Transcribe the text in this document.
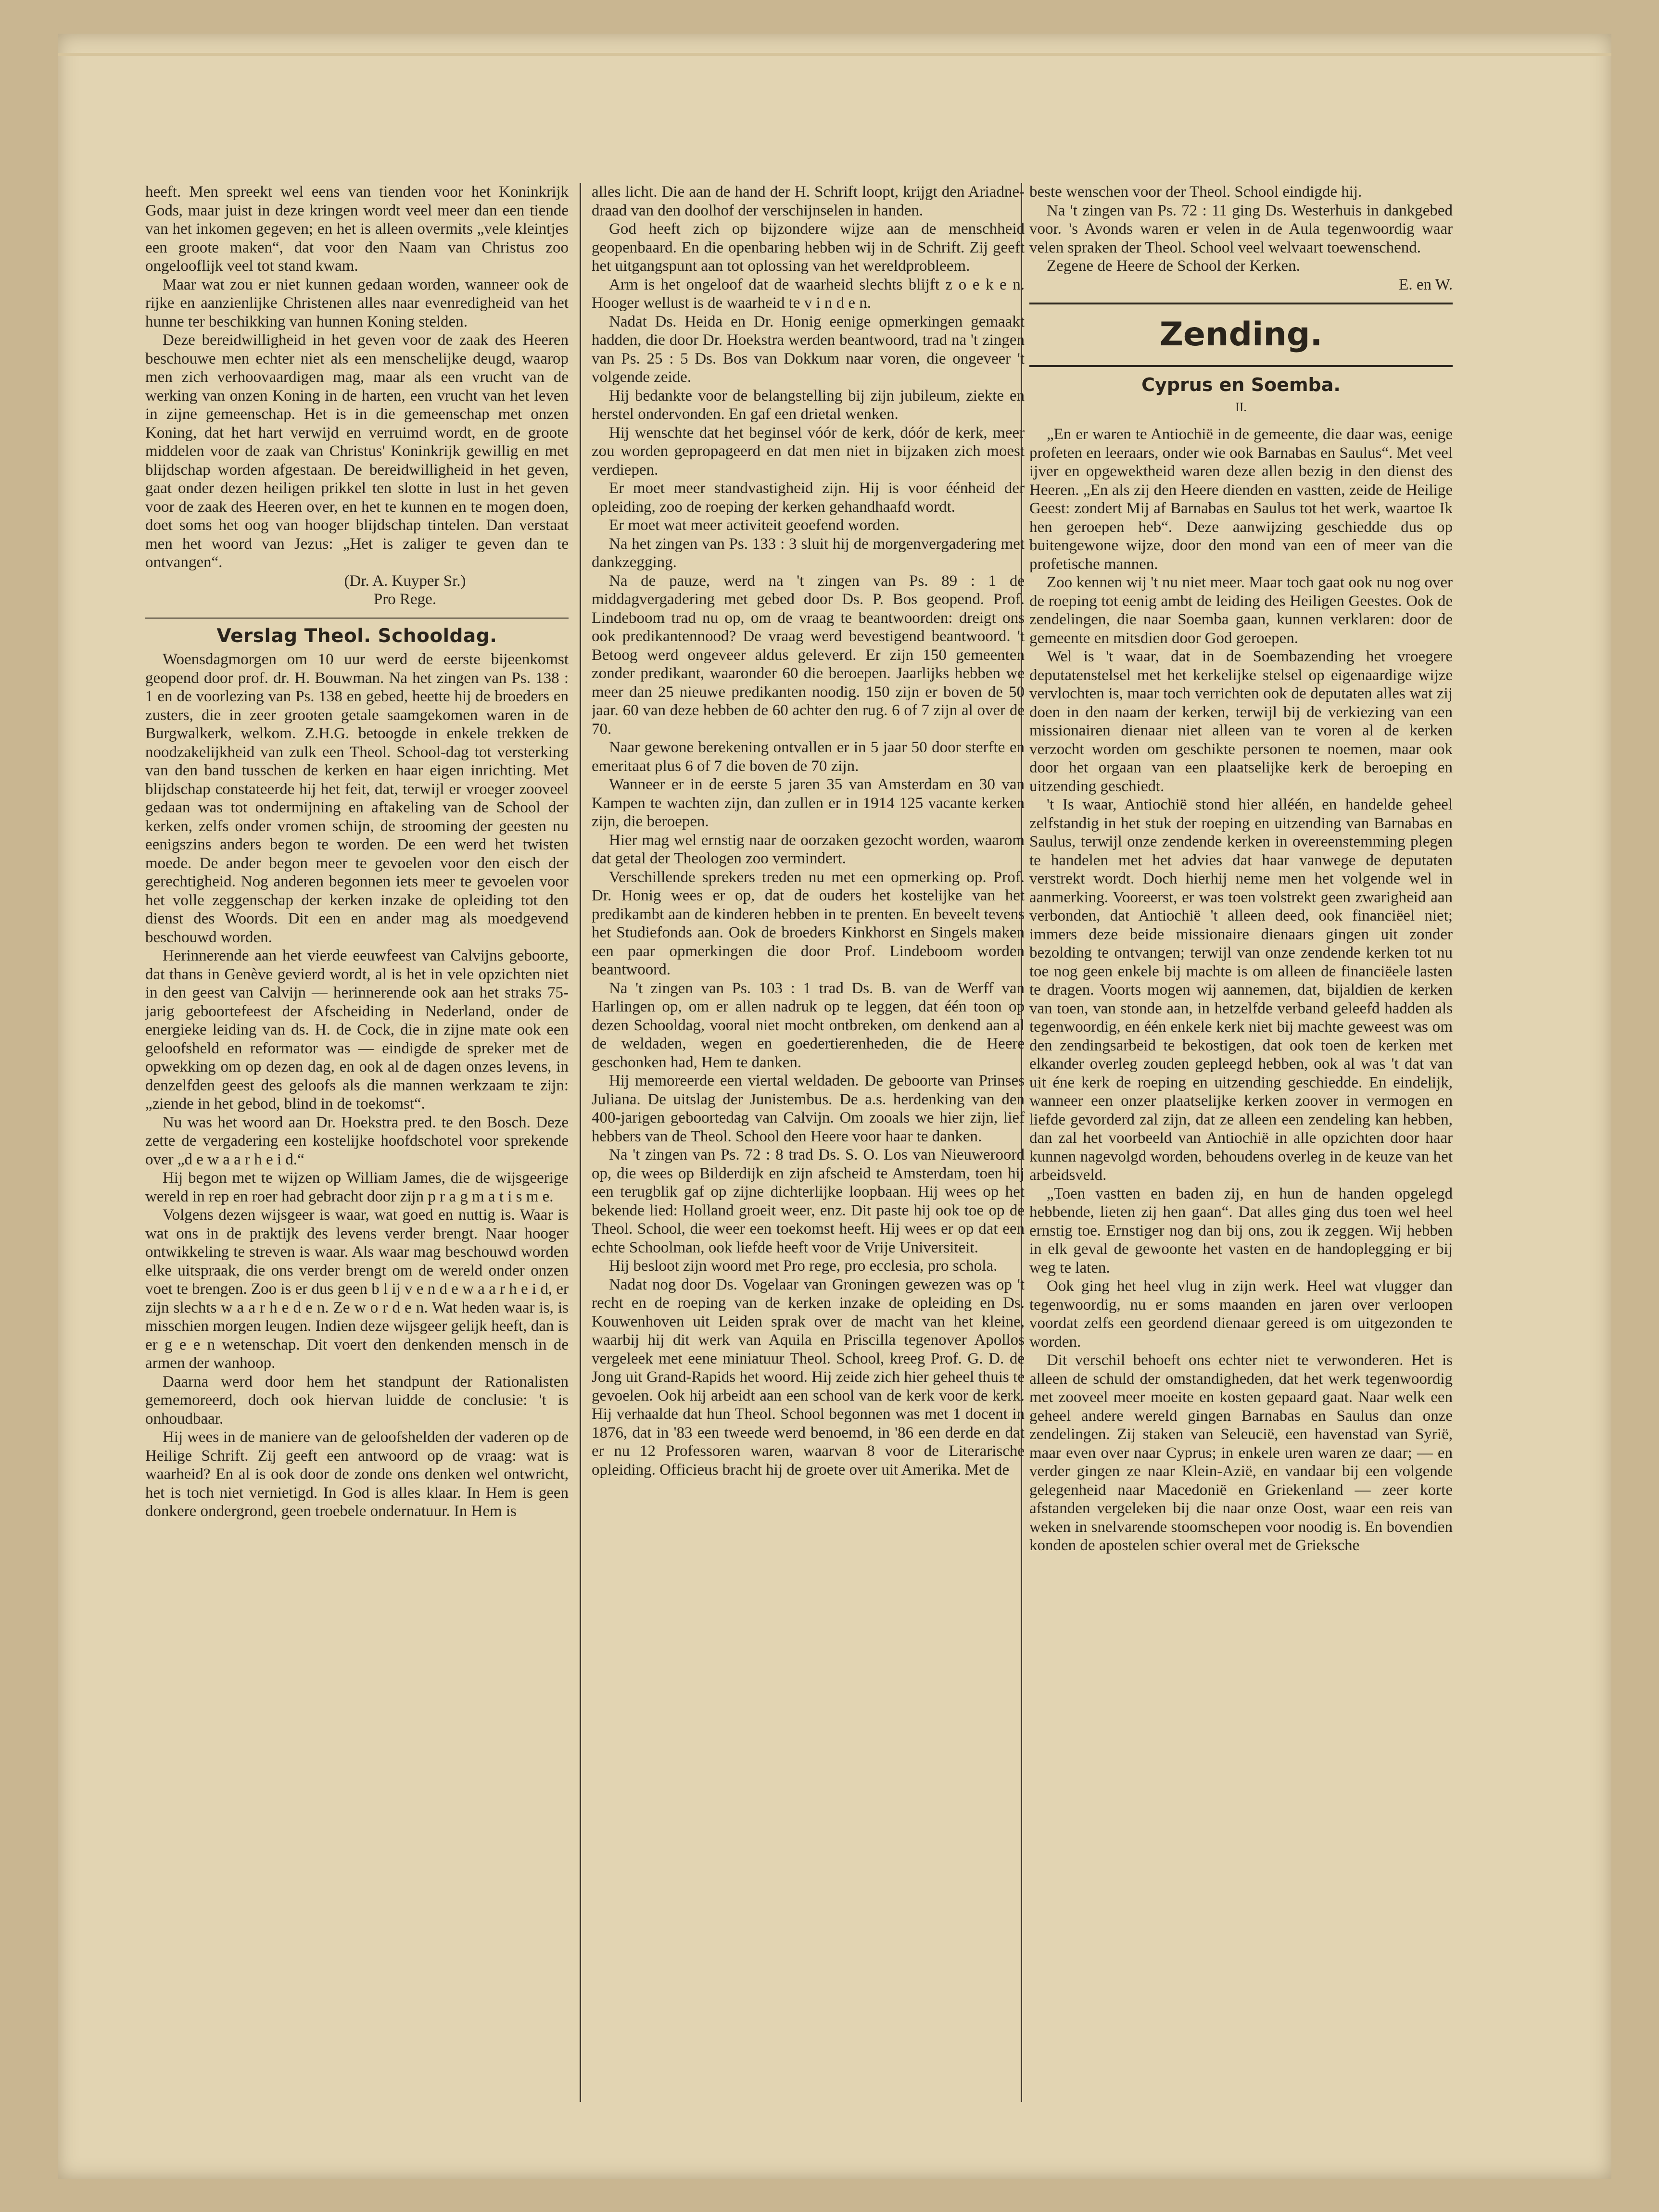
heeft. Men spreekt wel eens van tienden voor het Koninkrijk Gods, maar juist in deze kringen wordt veel meer dan een tiende van het inkomen gegeven; en het is alleen overmits „vele kleintjes een groote maken“, dat voor den Naam van Christus zoo ongelooflijk veel tot stand kwam.

Maar wat zou er niet kunnen gedaan worden, wanneer ook de rijke en aanzienlijke Christenen alles naar evenredigheid van het hunne ter beschikking van hunnen Koning stelden.

Deze bereidwilligheid in het geven voor de zaak des Heeren beschouwe men echter niet als een menschelijke deugd, waarop men zich verhoovaardigen mag, maar als een vrucht van de werking van onzen Koning in de harten, een vrucht van het leven in zijne gemeenschap. Het is in die gemeenschap met onzen Koning, dat het hart verwijd en verruimd wordt, en de groote middelen voor de zaak van Christus' Koninkrijk gewillig en met blijdschap worden afgestaan. De bereidwilligheid in het geven, gaat onder dezen heiligen prikkel ten slotte in lust in het geven voor de zaak des Heeren over, en het te kunnen en te mogen doen, doet soms het oog van hooger blijdschap tintelen. Dan verstaat men het woord van Jezus: „Het is zaliger te geven dan te ontvangen“.

(Dr. A. Kuyper Sr.)
Pro Rege.
Verslag Theol. Schooldag.

Woensdagmorgen om 10 uur werd de eerste bijeenkomst geopend door prof. dr. H. Bouwman. Na het zingen van Ps. 138 : 1 en de voorlezing van Ps. 138 en gebed, heette hij de broeders en zusters, die in zeer grooten getale saamgekomen waren in de Burgwalkerk, welkom. Z.H.G. betoogde in enkele trekken de noodzakelijkheid van zulk een Theol. School-dag tot versterking van den band tusschen de kerken en haar eigen inrichting. Met blijdschap constateerde hij het feit, dat, terwijl er vroeger zooveel gedaan was tot ondermijning en aftakeling van de School der kerken, zelfs onder vromen schijn, de strooming der geesten nu eenigszins anders begon te worden. De een werd het twisten moede. De ander begon meer te gevoelen voor den eisch der gerechtigheid. Nog anderen begonnen iets meer te gevoelen voor het volle zeggenschap der kerken inzake de opleiding tot den dienst des Woords. Dit een en ander mag als moedgevend beschouwd worden.

Herinnerende aan het vierde eeuwfeest van Calvijns geboorte, dat thans in Genève gevierd wordt, al is het in vele opzichten niet in den geest van Calvijn — herinnerende ook aan het straks 75-jarig geboortefeest der Afscheiding in Nederland, onder de energieke leiding van ds. H. de Cock, die in zijne mate ook een geloofsheld en reformator was — eindigde de spreker met de opwekking om op dezen dag, en ook al de dagen onzes levens, in denzelfden geest des geloofs als die mannen werkzaam te zijn: „ziende in het gebod, blind in de toekomst“.

Nu was het woord aan Dr. Hoekstra pred. te den Bosch. Deze zette de vergadering een kostelijke hoofdschotel voor sprekende over „d e w a a r h e i d.“

Hij begon met te wijzen op William James, die de wijsgeerige wereld in rep en roer had gebracht door zijn p r a g m a t i s m e.

Volgens dezen wijsgeer is waar, wat goed en nuttig is. Waar is wat ons in de praktijk des levens verder brengt. Naar hooger ontwikkeling te streven is waar. Als waar mag beschouwd worden elke uitspraak, die ons verder brengt om de wereld onder onzen voet te brengen. Zoo is er dus geen b l ij v e n d e w a a r h e i d, er zijn slechts w a a r h e d e n. Ze w o r d e n. Wat heden waar is, is misschien morgen leugen. Indien deze wijsgeer gelijk heeft, dan is er g e e n wetenschap. Dit voert den denkenden mensch in de armen der wanhoop.

Daarna werd door hem het standpunt der Rationalisten gememoreerd, doch ook hiervan luidde de conclusie: 't is onhoudbaar.

Hij wees in de maniere van de geloofshelden der vaderen op de Heilige Schrift. Zij geeft een antwoord op de vraag: wat is waarheid? En al is ook door de zonde ons denken wel ontwricht, het is toch niet vernietigd. In God is alles klaar. In Hem is geen donkere ondergrond, geen troebele ondernatuur. In Hem is

alles licht. Die aan de hand der H. Schrift loopt, krijgt den Ariadne-draad van den doolhof der verschijnselen in handen.

God heeft zich op bijzondere wijze aan de menschheid geopenbaard. En die openbaring hebben wij in de Schrift. Zij geeft het uitgangspunt aan tot oplossing van het wereldprobleem.

Arm is het ongeloof dat de waarheid slechts blijft z o e k e n. Hooger wellust is de waarheid te v i n d e n.

Nadat Ds. Heida en Dr. Honig eenige opmerkingen gemaakt hadden, die door Dr. Hoekstra werden beantwoord, trad na 't zingen van Ps. 25 : 5 Ds. Bos van Dokkum naar voren, die ongeveer 't volgende zeide.

Hij bedankte voor de belangstelling bij zijn jubileum, ziekte en herstel ondervonden. En gaf een drietal wenken.

Hij wenschte dat het beginsel vóór de kerk, dóór de kerk, meer zou worden gepropageerd en dat men niet in bijzaken zich moest verdiepen.

Er moet meer standvastigheid zijn. Hij is voor éénheid der opleiding, zoo de roeping der kerken gehandhaafd wordt.

Er moet wat meer activiteit geoefend worden.

Na het zingen van Ps. 133 : 3 sluit hij de morgenvergadering met dankzegging.

Na de pauze, werd na 't zingen van Ps. 89 : 1 de middagvergadering met gebed door Ds. P. Bos geopend. Prof. Lindeboom trad nu op, om de vraag te beantwoorden: dreigt ons ook predikantennood? De vraag werd bevestigend beantwoord. 't Betoog werd ongeveer aldus geleverd. Er zijn 150 gemeenten zonder predikant, waaronder 60 die beroepen. Jaarlijks hebben we meer dan 25 nieuwe predikanten noodig. 150 zijn er boven de 50 jaar. 60 van deze hebben de 60 achter den rug. 6 of 7 zijn al over de 70.

Naar gewone berekening ontvallen er in 5 jaar 50 door sterfte en emeritaat plus 6 of 7 die boven de 70 zijn.

Wanneer er in de eerste 5 jaren 35 van Amsterdam en 30 van Kampen te wachten zijn, dan zullen er in 1914 125 vacante kerken zijn, die beroepen.

Hier mag wel ernstig naar de oorzaken gezocht worden, waarom dat getal der Theologen zoo vermindert.

Verschillende sprekers treden nu met een opmerking op. Prof. Dr. Honig wees er op, dat de ouders het kostelijke van het predikambt aan de kinderen hebben in te prenten. En beveelt tevens het Studiefonds aan. Ook de broeders Kinkhorst en Singels maken een paar opmerkingen die door Prof. Lindeboom worden beantwoord.

Na 't zingen van Ps. 103 : 1 trad Ds. B. van de Werff van Harlingen op, om er allen nadruk op te leggen, dat één toon op dezen Schooldag, vooral niet mocht ontbreken, om denkend aan al de weldaden, wegen en goedertierenheden, die de Heere geschonken had, Hem te danken.

Hij memoreerde een viertal weldaden. De geboorte van Prinses Juliana. De uitslag der Junistembus. De a.s. herdenking van den 400-jarigen geboortedag van Calvijn. Om zooals we hier zijn, lief hebbers van de Theol. School den Heere voor haar te danken.

Na 't zingen van Ps. 72 : 8 trad Ds. S. O. Los van Nieuweroord op, die wees op Bilderdijk en zijn afscheid te Amsterdam, toen hij een terugblik gaf op zijne dichterlijke loopbaan. Hij wees op het bekende lied: Holland groeit weer, enz. Dit paste hij ook toe op de Theol. School, die weer een toekomst heeft. Hij wees er op dat een echte Schoolman, ook liefde heeft voor de Vrije Universiteit.

Hij besloot zijn woord met Pro rege, pro ecclesia, pro schola.

Nadat nog door Ds. Vogelaar van Groningen gewezen was op 't recht en de roeping van de kerken inzake de opleiding en Ds. Kouwenhoven uit Leiden sprak over de macht van het kleine, waarbij hij dit werk van Aquila en Priscilla tegenover Apollos vergeleek met eene miniatuur Theol. School, kreeg Prof. G. D. de Jong uit Grand-Rapids het woord. Hij zeide zich hier geheel thuis te gevoelen. Ook hij arbeidt aan een school van de kerk voor de kerk. Hij verhaalde dat hun Theol. School begonnen was met 1 docent in 1876, dat in '83 een tweede werd benoemd, in '86 een derde en dat er nu 12 Professoren waren, waarvan 8 voor de Literarische opleiding. Officieus bracht hij de groete over uit Amerika. Met de

beste wenschen voor der Theol. School eindigde hij.

Na 't zingen van Ps. 72 : 11 ging Ds. Westerhuis in dankgebed voor. 's Avonds waren er velen in de Aula tegenwoordig waar velen spraken der Theol. School veel welvaart toewenschend.

Zegene de Heere de School der Kerken.

E. en W.
Zending.
Cyprus en Soemba.
II.

„En er waren te Antiochië in de gemeente, die daar was, eenige profeten en leeraars, onder wie ook Barnabas en Saulus“. Met veel ijver en opgewektheid waren deze allen bezig in den dienst des Heeren. „En als zij den Heere dienden en vastten, zeide de Heilige Geest: zondert Mij af Barnabas en Saulus tot het werk, waartoe Ik hen geroepen heb“. Deze aanwijzing geschiedde dus op buitengewone wijze, door den mond van een of meer van die profetische mannen.

Zoo kennen wij 't nu niet meer. Maar toch gaat ook nu nog over de roeping tot eenig ambt de leiding des Heiligen Geestes. Ook de zendelingen, die naar Soemba gaan, kunnen verklaren: door de gemeente en mitsdien door God geroepen.

Wel is 't waar, dat in de Soembazending het vroegere deputatenstelsel met het kerkelijke stelsel op eigenaardige wijze vervlochten is, maar toch verrichten ook de deputaten alles wat zij doen in den naam der kerken, terwijl bij de verkiezing van een missionairen dienaar niet alleen van te voren al de kerken verzocht worden om geschikte personen te noemen, maar ook door het orgaan van een plaatselijke kerk de beroeping en uitzending geschiedt.

't Is waar, Antiochië stond hier alléén, en handelde geheel zelfstandig in het stuk der roeping en uitzending van Barnabas en Saulus, terwijl onze zendende kerken in overeenstemming plegen te handelen met het advies dat haar vanwege de deputaten verstrekt wordt. Doch hierhij neme men het volgende wel in aanmerking. Vooreerst, er was toen volstrekt geen zwarigheid aan verbonden, dat Antiochië 't alleen deed, ook financiëel niet; immers deze beide missionaire dienaars gingen uit zonder bezolding te ontvangen; terwijl van onze zendende kerken tot nu toe nog geen enkele bij machte is om alleen de financiëele lasten te dragen. Voorts mogen wij aannemen, dat, bijaldien de kerken van toen, van stonde aan, in hetzelfde verband geleefd hadden als tegenwoordig, en één enkele kerk niet bij machte geweest was om den zendingsarbeid te bekostigen, dat ook toen de kerken met elkander overleg zouden gepleegd hebben, ook al was 't dat van uit éne kerk de roeping en uitzending geschiedde. En eindelijk, wanneer een onzer plaatselijke kerken zoover in vermogen en liefde gevorderd zal zijn, dat ze alleen een zendeling kan hebben, dan zal het voorbeeld van Antiochië in alle opzichten door haar kunnen nagevolgd worden, behoudens overleg in de keuze van het arbeidsveld.

„Toen vastten en baden zij, en hun de handen opgelegd hebbende, lieten zij hen gaan“. Dat alles ging dus toen wel heel ernstig toe. Ernstiger nog dan bij ons, zou ik zeggen. Wij hebben in elk geval de gewoonte het vasten en de handoplegging er bij weg te laten.

Ook ging het heel vlug in zijn werk. Heel wat vlugger dan tegenwoordig, nu er soms maanden en jaren over verloopen voordat zelfs een geordend dienaar gereed is om uitgezonden te worden.

Dit verschil behoeft ons echter niet te verwonderen. Het is alleen de schuld der omstandigheden, dat het werk tegenwoordig met zooveel meer moeite en kosten gepaard gaat. Naar welk een geheel andere wereld gingen Barnabas en Saulus dan onze zendelingen. Zij staken van Seleucië, een havenstad van Syrië, maar even over naar Cyprus; in enkele uren waren ze daar; — en verder gingen ze naar Klein-Azië, en vandaar bij een volgende gelegenheid naar Macedonië en Griekenland — zeer korte afstanden vergeleken bij die naar onze Oost, waar een reis van weken in snelvarende stoomschepen voor noodig is. En bovendien konden de apostelen schier overal met de Grieksche
